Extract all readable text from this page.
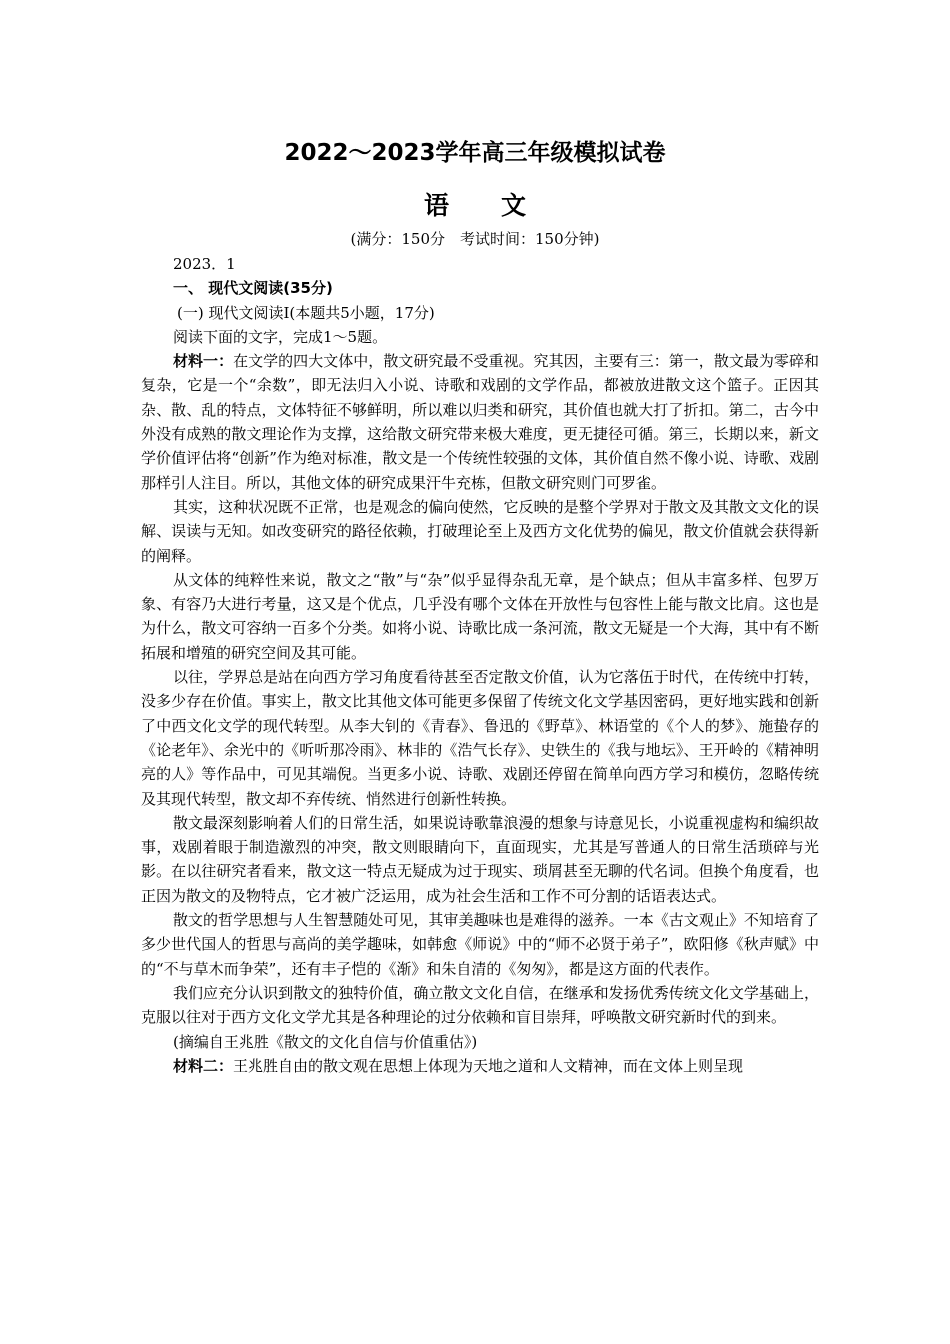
2022～2023学年高三年级模拟试卷
语 文
(满分：150分　考试时间：150分钟)
2023．1
一、 现代文阅读(35分)
(一) 现代文阅读Ⅰ(本题共5小题，17分)
阅读下面的文字，完成1～5题。
材料一：在文学的四大文体中，散文研究最不受重视。究其因，主要有三：第一，散文最为零碎和复杂，它是一个“余数”，即无法归入小说、诗歌和戏剧的文学作品，都被放进散文这个篮子。正因其杂、散、乱的特点，文体特征不够鲜明，所以难以归类和研究，其价值也就大打了折扣。第二，古今中外没有成熟的散文理论作为支撑，这给散文研究带来极大难度，更无捷径可循。第三，长期以来，新文学价值评估将“创新”作为绝对标准，散文是一个传统性较强的文体，其价值自然不像小说、诗歌、戏剧那样引人注目。所以，其他文体的研究成果汗牛充栋，但散文研究则门可罗雀。
其实，这种状况既不正常，也是观念的偏向使然，它反映的是整个学界对于散文及其散文文化的误解、误读与无知。如改变研究的路径依赖，打破理论至上及西方文化优势的偏见，散文价值就会获得新的阐释。
从文体的纯粹性来说，散文之“散”与“杂”似乎显得杂乱无章，是个缺点；但从丰富多样、包罗万象、有容乃大进行考量，这又是个优点，几乎没有哪个文体在开放性与包容性上能与散文比肩。这也是为什么，散文可容纳一百多个分类。如将小说、诗歌比成一条河流，散文无疑是一个大海，其中有不断拓展和增殖的研究空间及其可能。
以往，学界总是站在向西方学习角度看待甚至否定散文价值，认为它落伍于时代，在传统中打转，没多少存在价值。事实上，散文比其他文体可能更多保留了传统文化文学基因密码，更好地实践和创新了中西文化文学的现代转型。从李大钊的《青春》、鲁迅的《野草》、林语堂的《个人的梦》、施蛰存的《论老年》、余光中的《听听那冷雨》、林非的《浩气长存》、史铁生的《我与地坛》、王开岭的《精神明亮的人》等作品中，可见其端倪。当更多小说、诗歌、戏剧还停留在简单向西方学习和模仿，忽略传统及其现代转型，散文却不弃传统、悄然进行创新性转换。
散文最深刻影响着人们的日常生活，如果说诗歌靠浪漫的想象与诗意见长，小说重视虚构和编织故事，戏剧着眼于制造激烈的冲突，散文则眼睛向下，直面现实，尤其是写普通人的日常生活琐碎与光影。在以往研究者看来，散文这一特点无疑成为过于现实、琐屑甚至无聊的代名词。但换个角度看，也正因为散文的及物特点，它才被广泛运用，成为社会生活和工作不可分割的话语表达式。
散文的哲学思想与人生智慧随处可见，其审美趣味也是难得的滋养。一本《古文观止》不知培育了多少世代国人的哲思与高尚的美学趣味，如韩愈《师说》中的“师不必贤于弟子”，欧阳修《秋声赋》中的“不与草木而争荣”，还有丰子恺的《渐》和朱自清的《匆匆》，都是这方面的代表作。
我们应充分认识到散文的独特价值，确立散文文化自信，在继承和发扬优秀传统文化文学基础上，克服以往对于西方文化文学尤其是各种理论的过分依赖和盲目崇拜，呼唤散文研究新时代的到来。
(摘编自王兆胜《散文的文化自信与价值重估》)
材料二：王兆胜自由的散文观在思想上体现为天地之道和人文精神，而在文体上则呈现
